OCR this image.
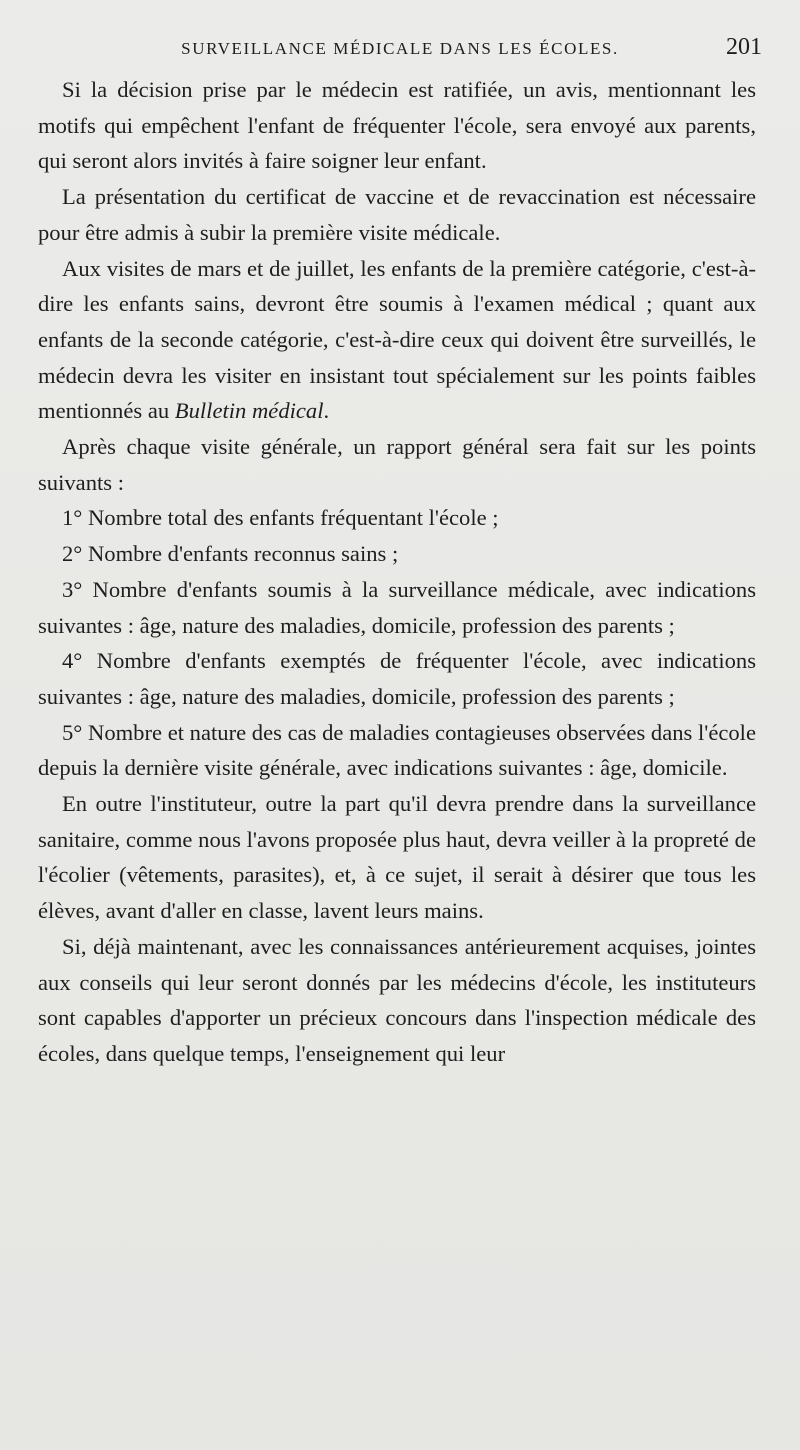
SURVEILLANCE MÉDICALE DANS LES ÉCOLES.	201

Si la décision prise par le médecin est ratifiée, un avis, mentionnant les motifs qui empêchent l'enfant de fréquenter l'école, sera envoyé aux parents, qui seront alors invités à faire soigner leur enfant.

La présentation du certificat de vaccine et de revaccination est nécessaire pour être admis à subir la première visite médicale.

Aux visites de mars et de juillet, les enfants de la première catégorie, c'est-à-dire les enfants sains, devront être soumis à l'examen médical ; quant aux enfants de la seconde catégorie, c'est-à-dire ceux qui doivent être surveillés, le médecin devra les visiter en insistant tout spécialement sur les points faibles mentionnés au Bulletin médical.

Après chaque visite générale, un rapport général sera fait sur les points suivants :

1° Nombre total des enfants fréquentant l'école ;

2° Nombre d'enfants reconnus sains ;

3° Nombre d'enfants soumis à la surveillance médicale, avec indications suivantes : âge, nature des maladies, domicile, profession des parents ;

4° Nombre d'enfants exemptés de fréquenter l'école, avec indications suivantes : âge, nature des maladies, domicile, profession des parents ;

5° Nombre et nature des cas de maladies contagieuses observées dans l'école depuis la dernière visite générale, avec indications suivantes : âge, domicile.

En outre l'instituteur, outre la part qu'il devra prendre dans la surveillance sanitaire, comme nous l'avons proposée plus haut, devra veiller à la propreté de l'écolier (vêtements, parasites), et, à ce sujet, il serait à désirer que tous les élèves, avant d'aller en classe, lavent leurs mains.

Si, déjà maintenant, avec les connaissances antérieurement acquises, jointes aux conseils qui leur seront donnés par les médecins d'école, les instituteurs sont capables d'apporter un précieux concours dans l'inspection médicale des écoles, dans quelque temps, l'enseignement qui leur
